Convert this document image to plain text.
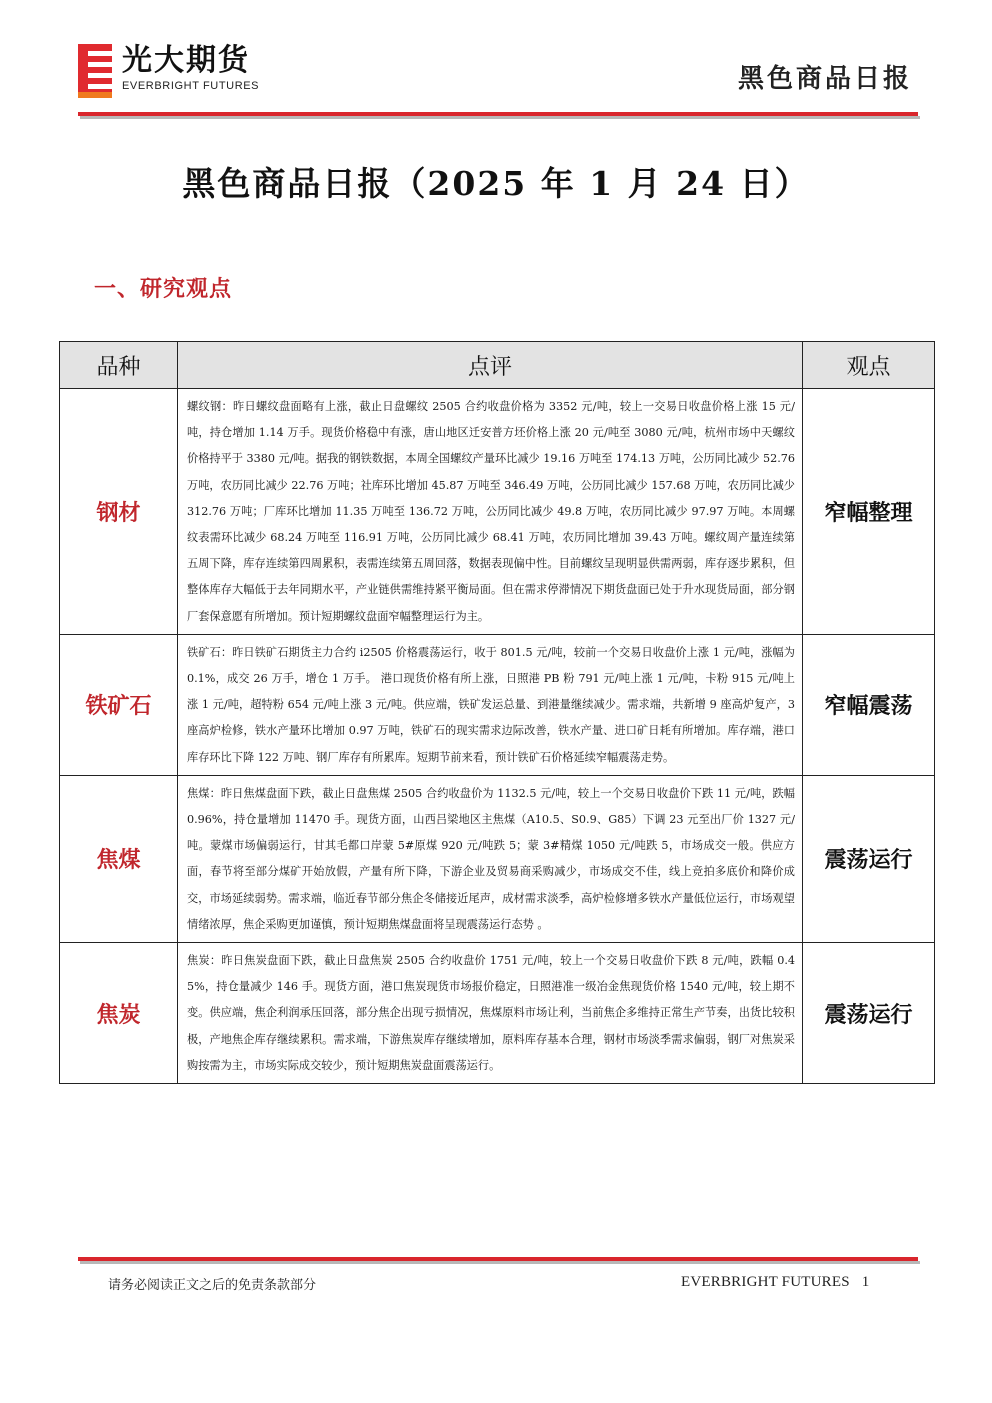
光大期货
EVERBRIGHT FUTURES	黑色商品日报
黑色商品日报（2025 年 1 月 24 日）
一、研究观点
品种	点评	观点
钢材	螺纹钢：昨日螺纹盘面略有上涨，截止日盘螺纹 2505 合约收盘价格为 3352 元/吨，较上一交易日收盘价格上涨 15 元/吨，持仓增加 1.14 万手。现货价格稳中有涨，唐山地区迁安普方坯价格上涨 20 元/吨至 3080 元/吨，杭州市场中天螺纹价格持平于 3380 元/吨。据我的钢铁数据，本周全国螺纹产量环比减少 19.16 万吨至 174.13 万吨，公历同比减少 52.76 万吨，农历同比减少 22.76 万吨；社库环比增加 45.87 万吨至 346.49 万吨，公历同比减少 157.68 万吨，农历同比减少 312.76 万吨；厂库环比增加 11.35 万吨至 136.72 万吨，公历同比减少 49.8 万吨，农历同比减少 97.97 万吨。本周螺纹表需环比减少 68.24 万吨至 116.91 万吨，公历同比减少 68.41 万吨，农历同比增加 39.43 万吨。螺纹周产量连续第五周下降，库存连续第四周累积，表需连续第五周回落，数据表现偏中性。目前螺纹呈现明显供需两弱，库存逐步累积，但整体库存大幅低于去年同期水平，产业链供需维持紧平衡局面。但在需求停滞情况下期货盘面已处于升水现货局面，部分钢厂套保意愿有所增加。预计短期螺纹盘面窄幅整理运行为主。	窄幅整理
铁矿石	铁矿石：昨日铁矿石期货主力合约 i2505 价格震荡运行，收于 801.5 元/吨，较前一个交易日收盘价上涨 1 元/吨，涨幅为 0.1%，成交 26 万手，增仓 1 万手。 港口现货价格有所上涨，日照港 PB 粉 791 元/吨上涨 1 元/吨，卡粉 915 元/吨上涨 1 元/吨，超特粉 654 元/吨上涨 3 元/吨。供应端，铁矿发运总量、到港量继续减少。需求端，共新增 9 座高炉复产，3 座高炉检修，铁水产量环比增加 0.97 万吨，铁矿石的现实需求边际改善，铁水产量、进口矿日耗有所增加。库存端，港口库存环比下降 122 万吨、钢厂库存有所累库。短期节前来看，预计铁矿石价格延续窄幅震荡走势。	窄幅震荡
焦煤	焦煤：昨日焦煤盘面下跌，截止日盘焦煤 2505 合约收盘价为 1132.5 元/吨，较上一个交易日收盘价下跌 11 元/吨，跌幅 0.96%，持仓量增加 11470 手。现货方面，山西吕梁地区主焦煤（A10.5、S0.9、G85）下调 23 元至出厂价 1327 元/吨。蒙煤市场偏弱运行，甘其毛都口岸蒙 5#原煤 920 元/吨跌 5；蒙 3#精煤 1050 元/吨跌 5，市场成交一般。供应方面，春节将至部分煤矿开始放假，产量有所下降，下游企业及贸易商采购减少，市场成交不佳，线上竞拍多底价和降价成交，市场延续弱势。需求端，临近春节部分焦企冬储接近尾声，成材需求淡季，高炉检修增多铁水产量低位运行，市场观望情绪浓厚，焦企采购更加谨慎，预计短期焦煤盘面将呈现震荡运行态势 。	震荡运行
焦炭	焦炭：昨日焦炭盘面下跌，截止日盘焦炭 2505 合约收盘价 1751 元/吨，较上一个交易日收盘价下跌 8 元/吨，跌幅 0.45%，持仓量减少 146 手。现货方面，港口焦炭现货市场报价稳定，日照港准一级冶金焦现货价格 1540 元/吨，较上期不变。供应端，焦企利润承压回落，部分焦企出现亏损情况，焦煤原料市场让利，当前焦企多维持正常生产节奏，出货比较积极，产地焦企库存继续累积。需求端，下游焦炭库存继续增加，原料库存基本合理，钢材市场淡季需求偏弱，钢厂对焦炭采购按需为主，市场实际成交较少，预计短期焦炭盘面震荡运行。	震荡运行
请务必阅读正文之后的免责条款部分	EVERBRIGHT FUTURES 1
